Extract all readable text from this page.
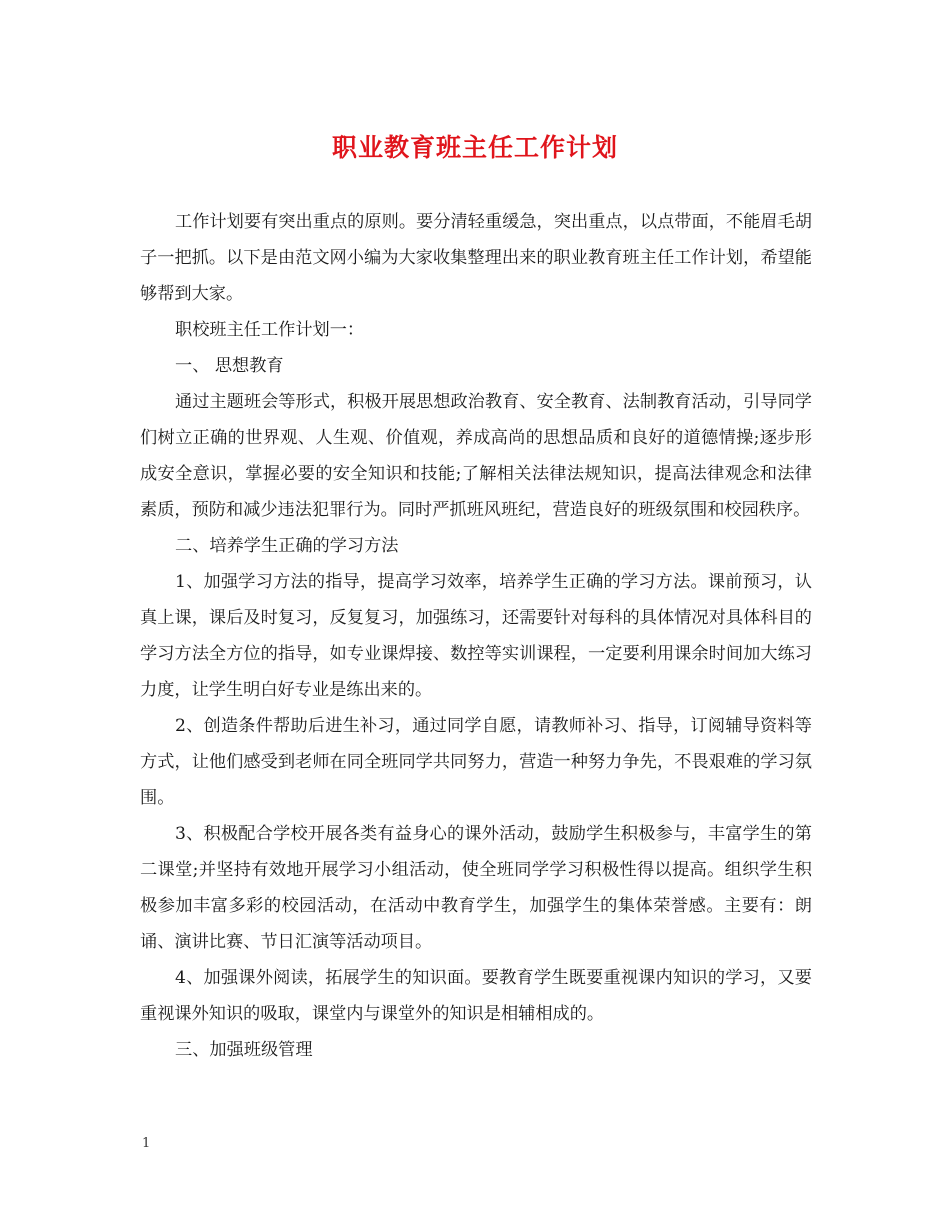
职业教育班主任工作计划

工作计划要有突出重点的原则。要分清轻重缓急，突出重点，以点带面，不能眉毛胡子一把抓。以下是由范文网小编为大家收集整理出来的职业教育班主任工作计划，希望能够帮到大家。

职校班主任工作计划一：

一、 思想教育

通过主题班会等形式，积极开展思想政治教育、安全教育、法制教育活动，引导同学们树立正确的世界观、人生观、价值观，养成高尚的思想品质和良好的道德情操;逐步形成安全意识，掌握必要的安全知识和技能;了解相关法律法规知识，提高法律观念和法律素质，预防和减少违法犯罪行为。同时严抓班风班纪，营造良好的班级氛围和校园秩序。

二、培养学生正确的学习方法

1、加强学习方法的指导，提高学习效率，培养学生正确的学习方法。课前预习，认真上课，课后及时复习，反复复习，加强练习，还需要针对每科的具体情况对具体科目的学习方法全方位的指导，如专业课焊接、数控等实训课程，一定要利用课余时间加大练习力度，让学生明白好专业是练出来的。

2、创造条件帮助后进生补习，通过同学自愿，请教师补习、指导，订阅辅导资料等方式，让他们感受到老师在同全班同学共同努力，营造一种努力争先，不畏艰难的学习氛围。

3、积极配合学校开展各类有益身心的课外活动，鼓励学生积极参与，丰富学生的第二课堂;并坚持有效地开展学习小组活动，使全班同学学习积极性得以提高。组织学生积极参加丰富多彩的校园活动，在活动中教育学生，加强学生的集体荣誉感。主要有：朗诵、演讲比赛、节日汇演等活动项目。

4、加强课外阅读，拓展学生的知识面。要教育学生既要重视课内知识的学习，又要重视课外知识的吸取，课堂内与课堂外的知识是相辅相成的。

三、加强班级管理

1
